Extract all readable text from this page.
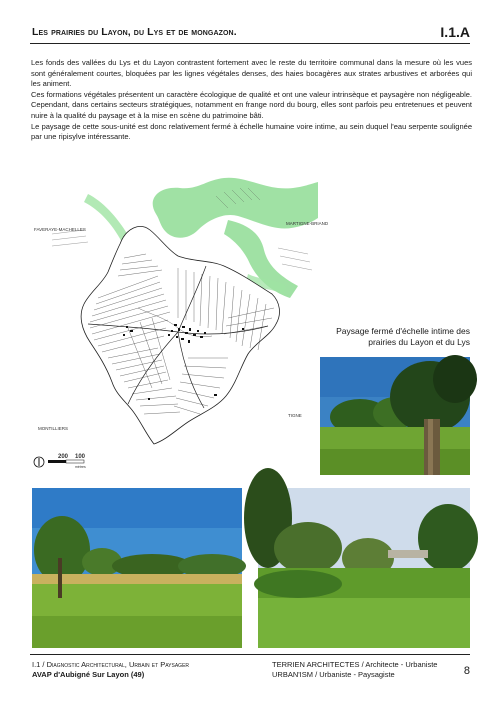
Les prairies du Layon, du Lys et de mongazon.	I.1.A

Les fonds des vallées du Lys et du Layon contrastent fortement avec le reste du territoire communal dans la mesure où les vues sont généralement courtes, bloquées par les lignes végétales denses, des haies bocagères aux strates arbustives et arborées qui les animent.

Ces formations végétales présentent un caractère écologique de qualité et ont une valeur intrinsèque et paysagère non négligeable. Cependant, dans certains secteurs stratégiques, notamment en frange nord du bourg, elles sont parfois peu entretenues et peuvent nuire à la qualité du paysage et à la mise en scène du patrimoine bâti.

Le paysage de cette sous-unité est donc relativement fermé à échelle humaine voire intime, au sein duquel l'eau serpente soulignée par une ripisylve intéressante.

FAVERAYE-MACHELLES
MARTIGNE-BRIAND
MONTILLIERS
TIGNE
200 100
mètres
Paysage fermé d'échelle intime des prairies du Layon et du Lys
I.1 / Diagnostic Architectural, Urbain et Paysager
AVAP d'Aubigné Sur Layon (49)
TERRIEN ARCHITECTES / Architecte - Urbaniste
URBAN'ISM / Urbaniste - Paysagiste	8
